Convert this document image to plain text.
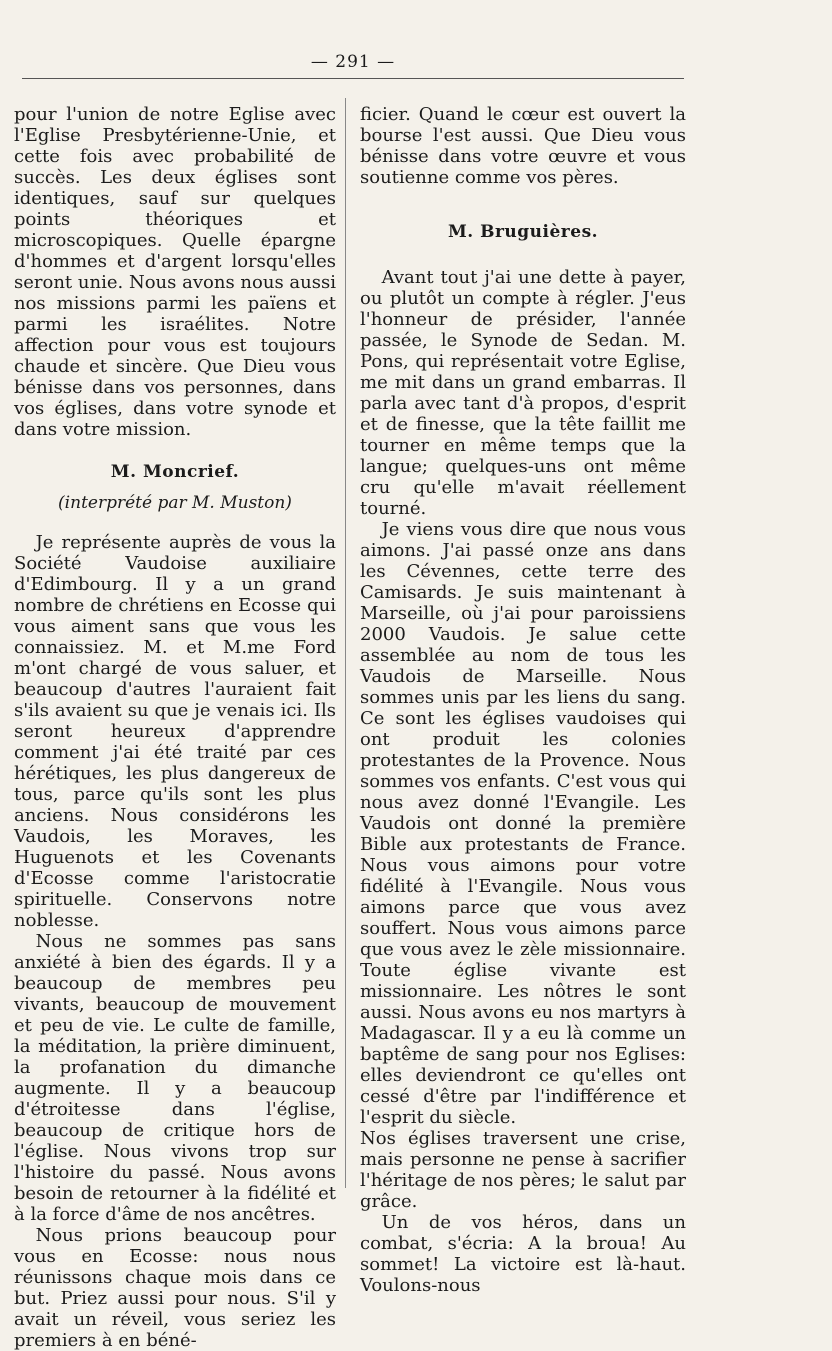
— 291 —

pour l'union de notre Eglise avec l'Eglise Presbytérienne-Unie, et cette fois avec probabilité de succès. Les deux églises sont identiques, sauf sur quelques points théoriques et microscopiques. Quelle épargne d'hommes et d'argent lorsqu'elles seront unie. Nous avons nous aussi nos missions parmi les païens et parmi les israélites. Notre affection pour vous est toujours chaude et sincère. Que Dieu vous bénisse dans vos personnes, dans vos églises, dans votre synode et dans votre mission.

M. Moncrief.
(interprété par M. Muston)

Je représente auprès de vous la Société Vaudoise auxiliaire d'Edimbourg. Il y a un grand nombre de chrétiens en Ecosse qui vous aiment sans que vous les connaissiez. M. et M.me Ford m'ont chargé de vous saluer, et beaucoup d'autres l'auraient fait s'ils avaient su que je venais ici. Ils seront heureux d'apprendre comment j'ai été traité par ces hérétiques, les plus dangereux de tous, parce qu'ils sont les plus anciens. Nous considérons les Vaudois, les Moraves, les Huguenots et les Covenants d'Ecosse comme l'aristocratie spirituelle. Conservons notre noblesse.

Nous ne sommes pas sans anxiété à bien des égards. Il y a beaucoup de membres peu vivants, beaucoup de mouvement et peu de vie. Le culte de famille, la méditation, la prière diminuent, la profanation du dimanche augmente. Il y a beaucoup d'étroitesse dans l'église, beaucoup de critique hors de l'église. Nous vivons trop sur l'histoire du passé. Nous avons besoin de retourner à la fidélité et à la force d'âme de nos ancêtres.

Nous prions beaucoup pour vous en Ecosse: nous nous réunissons chaque mois dans ce but. Priez aussi pour nous. S'il y avait un réveil, vous seriez les premiers à en béné-

ficier. Quand le cœur est ouvert la bourse l'est aussi. Que Dieu vous bénisse dans votre œuvre et vous soutienne comme vos pères.

M. Bruguières.

Avant tout j'ai une dette à payer, ou plutôt un compte à régler. J'eus l'honneur de présider, l'année passée, le Synode de Sedan. M. Pons, qui représentait votre Eglise, me mit dans un grand embarras. Il parla avec tant d'à propos, d'esprit et de finesse, que la tête faillit me tourner en même temps que la langue; quelques-uns ont même cru qu'elle m'avait réellement tourné.

Je viens vous dire que nous vous aimons. J'ai passé onze ans dans les Cévennes, cette terre des Camisards. Je suis maintenant à Marseille, où j'ai pour paroissiens 2000 Vaudois. Je salue cette assemblée au nom de tous les Vaudois de Marseille. Nous sommes unis par les liens du sang. Ce sont les églises vaudoises qui ont produit les colonies protestantes de la Provence. Nous sommes vos enfants. C'est vous qui nous avez donné l'Evangile. Les Vaudois ont donné la première Bible aux protestants de France. Nous vous aimons pour votre fidélité à l'Evangile. Nous vous aimons parce que vous avez souffert. Nous vous aimons parce que vous avez le zèle missionnaire. Toute église vivante est missionnaire. Les nôtres le sont aussi. Nous avons eu nos martyrs à Madagascar. Il y a eu là comme un baptême de sang pour nos Eglises: elles deviendront ce qu'elles ont cessé d'être par l'indifférence et l'esprit du siècle.

Nos églises traversent une crise, mais personne ne pense à sacrifier l'héritage de nos pères; le salut par grâce.

Un de vos héros, dans un combat, s'écria: A la broua! Au sommet! La victoire est là-haut. Voulons-nous
